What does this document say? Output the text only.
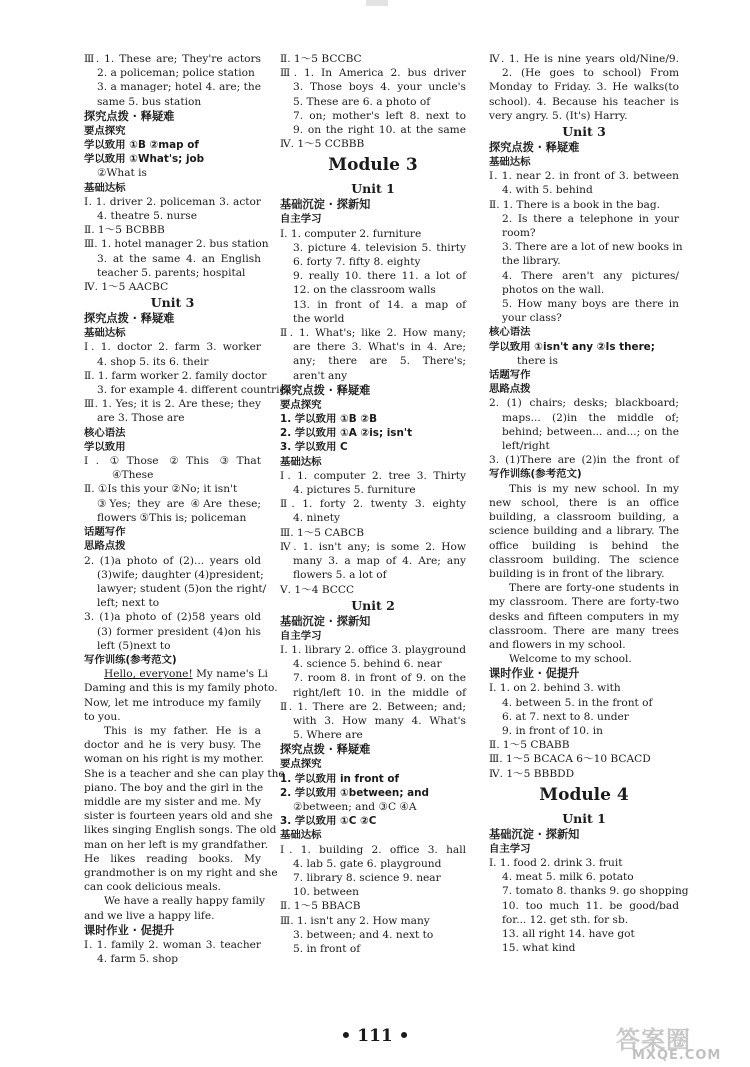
Ⅲ. 1. These are; They're actors
2. a policeman; police station
3. a manager; hotel 4. are; the
same 5. bus station
探究点拨 · 释疑难
要点探究
学以致用 ①B ②map of
学以致用 ①What's; job
②What is
基础达标
Ⅰ. 1. driver 2. policeman 3. actor
4. theatre 5. nurse
Ⅱ. 1～5 BCBBB
Ⅲ. 1. hotel manager 2. bus station
3. at the same 4. an English
teacher 5. parents; hospital
Ⅳ. 1～5 AACBC
Unit 3
探究点拨 · 释疑难
基础达标
Ⅰ. 1. doctor 2. farm 3. worker
4. shop 5. its 6. their
Ⅱ. 1. farm worker 2. family doctor
3. for example 4. different countries
Ⅲ. 1. Yes; it is 2. Are these; they
are 3. Those are
核心语法
学以致用
Ⅰ. ①Those ②This ③That
④These
Ⅱ. ①Is this your ②No; it isn't
③Yes; they are ④Are these;
flowers ⑤This is; policeman
话题写作
思路点拨
2. (1)a photo of (2)... years old
(3)wife; daughter (4)president;
lawyer; student (5)on the right/
left; next to
3. (1)a photo of (2)58 years old
(3) former president (4)on his
left (5)next to
写作训练(参考范文)
Hello, everyone! My name's Li
Daming and this is my family photo.
Now, let me introduce my family
to you.
This is my father. He is a
doctor and he is very busy. The
woman on his right is my mother.
She is a teacher and she can play the
piano. The boy and the girl in the
middle are my sister and me. My
sister is fourteen years old and she
likes singing English songs. The old
man on her left is my grandfather.
He likes reading books. My
grandmother is on my right and she
can cook delicious meals.
We have a really happy family
and we live a happy life.
课时作业 · 促提升
Ⅰ. 1. family 2. woman 3. teacher
4. farm 5. shop
Ⅱ. 1～5 BCCBC
Ⅲ. 1. In America 2. bus driver
3. Those boys 4. your uncle's
5. These are 6. a photo of
7. on; mother's left 8. next to
9. on the right 10. at the same
Ⅳ. 1～5 CCBBB
Module 3
Unit 1
基础沉淀 · 探新知
自主学习
Ⅰ. 1. computer 2. furniture
3. picture 4. television 5. thirty
6. forty 7. fifty 8. eighty
9. really 10. there 11. a lot of
12. on the classroom walls
13. in front of 14. a map of
the world
Ⅱ. 1. What's; like 2. How many;
are there 3. What's in 4. Are;
any; there are 5. There's;
aren't any
探究点拨 · 释疑难
要点探究
1. 学以致用 ①B ②B
2. 学以致用 ①A ②is; isn't
3. 学以致用 C
基础达标
Ⅰ. 1. computer 2. tree 3. Thirty
4. pictures 5. furniture
Ⅱ. 1. forty 2. twenty 3. eighty
4. ninety
Ⅲ. 1～5 CABCB
Ⅳ. 1. isn't any; is some 2. How
many 3. a map of 4. Are; any
flowers 5. a lot of
Ⅴ. 1～4 BCCC
Unit 2
基础沉淀 · 探新知
自主学习
Ⅰ. 1. library 2. office 3. playground
4. science 5. behind 6. near
7. room 8. in front of 9. on the
right/left 10. in the middle of
Ⅱ. 1. There are 2. Between; and;
with 3. How many 4. What's
5. Where are
探究点拨 · 释疑难
要点探究
1. 学以致用 in front of
2. 学以致用 ①between; and
②between; and ③C ④A
3. 学以致用 ①C ②C
基础达标
Ⅰ. 1. building 2. office 3. hall
4. lab 5. gate 6. playground
7. library 8. science 9. near
10. between
Ⅱ. 1～5 BBACB
Ⅲ. 1. isn't any 2. How many
3. between; and 4. next to
5. in front of
Ⅳ. 1. He is nine years old/Nine/9.
2. (He goes to school) From
Monday to Friday. 3. He walks(to
school). 4. Because his teacher is
very angry. 5. (It's) Harry.
Unit 3
探究点拨 · 释疑难
基础达标
Ⅰ. 1. near 2. in front of 3. between
4. with 5. behind
Ⅱ. 1. There is a book in the bag.
2. Is there a telephone in your
room?
3. There are a lot of new books in
the library.
4. There aren't any pictures/
photos on the wall.
5. How many boys are there in
your class?
核心语法
学以致用 ①isn't any ②Is there;
there is
话题写作
思路点拨
2. (1) chairs; desks; blackboard;
maps... (2)in the middle of;
behind; between... and...; on the
left/right
3. (1)There are (2)in the front of
写作训练(参考范文)
This is my new school. In my
new school, there is an office
building, a classroom building, a
science building and a library. The
office building is behind the
classroom building. The science
building is in front of the library.
There are forty-one students in
my classroom. There are forty-two
desks and fifteen computers in my
classroom. There are many trees
and flowers in my school.
Welcome to my school.
课时作业 · 促提升
Ⅰ. 1. on 2. behind 3. with
4. between 5. in the front of
6. at 7. next to 8. under
9. in front of 10. in
Ⅱ. 1～5 CBABB
Ⅲ. 1～5 BCACA 6～10 BCACD
Ⅳ. 1～5 BBBDD
Module 4
Unit 1
基础沉淀 · 探新知
自主学习
Ⅰ. 1. food 2. drink 3. fruit
4. meat 5. milk 6. potato
7. tomato 8. thanks 9. go shopping
10. too much 11. be good/bad
for... 12. get sth. for sb.
13. all right 14. have got
15. what kind
• 111 •	答案圈
MXQE.COM
